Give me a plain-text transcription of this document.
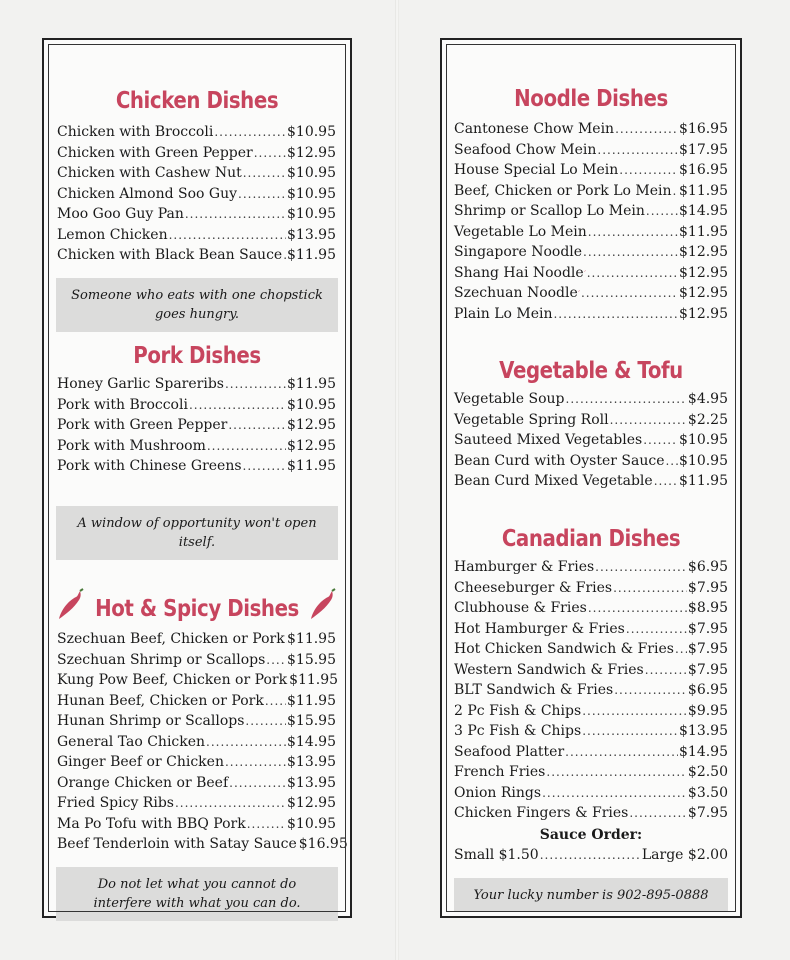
Chicken Dishes
Chicken with Broccoli .....	$10.95
Chicken with Green Pepper ..... $12.95
Chicken with Cashew Nut .....	$10.95
Chicken Almond Soo Guy .....	$10.95
Moo Goo Guy Pan .....	$10.95
Lemon Chicken .....	$13.95
Chicken with Black Bean Sauce ..... $11.95
Someone who eats with one chopstick goes hungry.
Pork Dishes
Honey Garlic Spareribs .....	$11.95
Pork with Broccoli .....	$10.95
Pork with Green Pepper .....	$12.95
Pork with Mushroom .....	$12.95
Pork with Chinese Greens .....	$11.95
A window of opportunity won't open itself.
Hot & Spicy Dishes
Szechuan Beef, Chicken or Pork ..... $11.95
Szechuan Shrimp or Scallops ..... $15.95
Kung Pow Beef, Chicken or Pork $11.95
Hunan Beef, Chicken or Pork ..... $11.95
Hunan Shrimp or Scallops .....	$15.95
General Tao Chicken .....	$14.95
Ginger Beef or Chicken .....	$13.95
Orange Chicken or Beef .....	$13.95
Fried Spicy Ribs .....	$12.95
Ma Po Tofu with BBQ Pork .....	$10.95
Beef Tenderloin with Satay Sauce $16.95
Do not let what you cannot do interfere with what you can do.
Noodle Dishes
Cantonese Chow Mein .....	$16.95
Seafood Chow Mein .....	$17.95
House Special Lo Mein .....	$16.95
Beef, Chicken or Pork Lo Mein ..... $11.95
Shrimp or Scallop Lo Mein ..... $14.95
Vegetable Lo Mein .....	$11.95
Singapore Noodle .....	$12.95
Shang Hai Noodle .....	$12.95
Szechuan Noodle .....	$12.95
Plain Lo Mein .....	$12.95
Vegetable & Tofu
Vegetable Soup .....	$4.95
Vegetable Spring Roll .....	$2.25
Sauteed Mixed Vegetables .....	$10.95
Bean Curd with Oyster Sauce ..... $10.95
Bean Curd Mixed Vegetable ..... $11.95
Canadian Dishes
Hamburger & Fries .....	$6.95
Cheeseburger & Fries .....	$7.95
Clubhouse & Fries .....	$8.95
Hot Hamburger & Fries .....	$7.95
Hot Chicken Sandwich & Fries ..... $7.95
Western Sandwich & Fries .....	$7.95
BLT Sandwich & Fries .....	$6.95
2 Pc Fish & Chips .....	$9.95
3 Pc Fish & Chips .....	$13.95
Seafood Platter .....	$14.95
French Fries .....	$2.50
Onion Rings .....	$3.50
Chicken Fingers & Fries .....	$7.95
Sauce Order:
Small $1.50 .....	Large $2.00
Your lucky number is 902-895-0888
